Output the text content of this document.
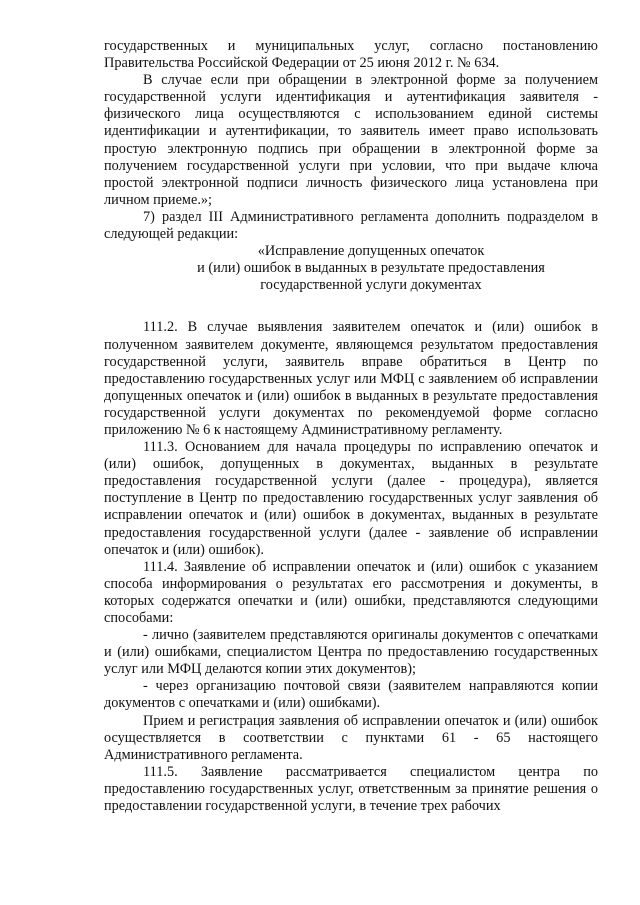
государственных и муниципальных услуг, согласно постановлению Правительства Российской Федерации от 25 июня 2012 г. № 634.

В случае если при обращении в электронной форме за получением государственной услуги идентификация и аутентификация заявителя - физического лица осуществляются с использованием единой системы идентификации и аутентификации, то заявитель имеет право использовать простую электронную подпись при обращении в электронной форме за получением государственной услуги при условии, что при выдаче ключа простой электронной подписи личность физического лица установлена при личном приеме.»;

7) раздел III Административного регламента дополнить подразделом в следующей редакции:

«Исправление допущенных опечаток

и (или) ошибок в выданных в результате предоставления

государственной услуги документах

111.2. В случае выявления заявителем опечаток и (или) ошибок в полученном заявителем документе, являющемся результатом предоставления государственной услуги, заявитель вправе обратиться в Центр по предоставлению государственных услуг или МФЦ с заявлением об исправлении допущенных опечаток и (или) ошибок в выданных в результате предоставления государственной услуги документах по рекомендуемой форме согласно приложению № 6 к настоящему Административному регламенту.

111.3. Основанием для начала процедуры по исправлению опечаток и (или) ошибок, допущенных в документах, выданных в результате предоставления государственной услуги (далее - процедура), является поступление в Центр по предоставлению государственных услуг заявления об исправлении опечаток и (или) ошибок в документах, выданных в результате предоставления государственной услуги (далее - заявление об исправлении опечаток и (или) ошибок).

111.4. Заявление об исправлении опечаток и (или) ошибок с указанием способа информирования о результатах его рассмотрения и документы, в которых содержатся опечатки и (или) ошибки, представляются следующими способами:

- лично (заявителем представляются оригиналы документов с опечатками и (или) ошибками, специалистом Центра по предоставлению государственных услуг или МФЦ делаются копии этих документов);

- через организацию почтовой связи (заявителем направляются копии документов с опечатками и (или) ошибками).

Прием и регистрация заявления об исправлении опечаток и (или) ошибок осуществляется в соответствии с пунктами 61 - 65 настоящего Административного регламента.

111.5. Заявление рассматривается специалистом центра по предоставлению государственных услуг, ответственным за принятие решения о предоставлении государственной услуги, в течение трех рабочих
